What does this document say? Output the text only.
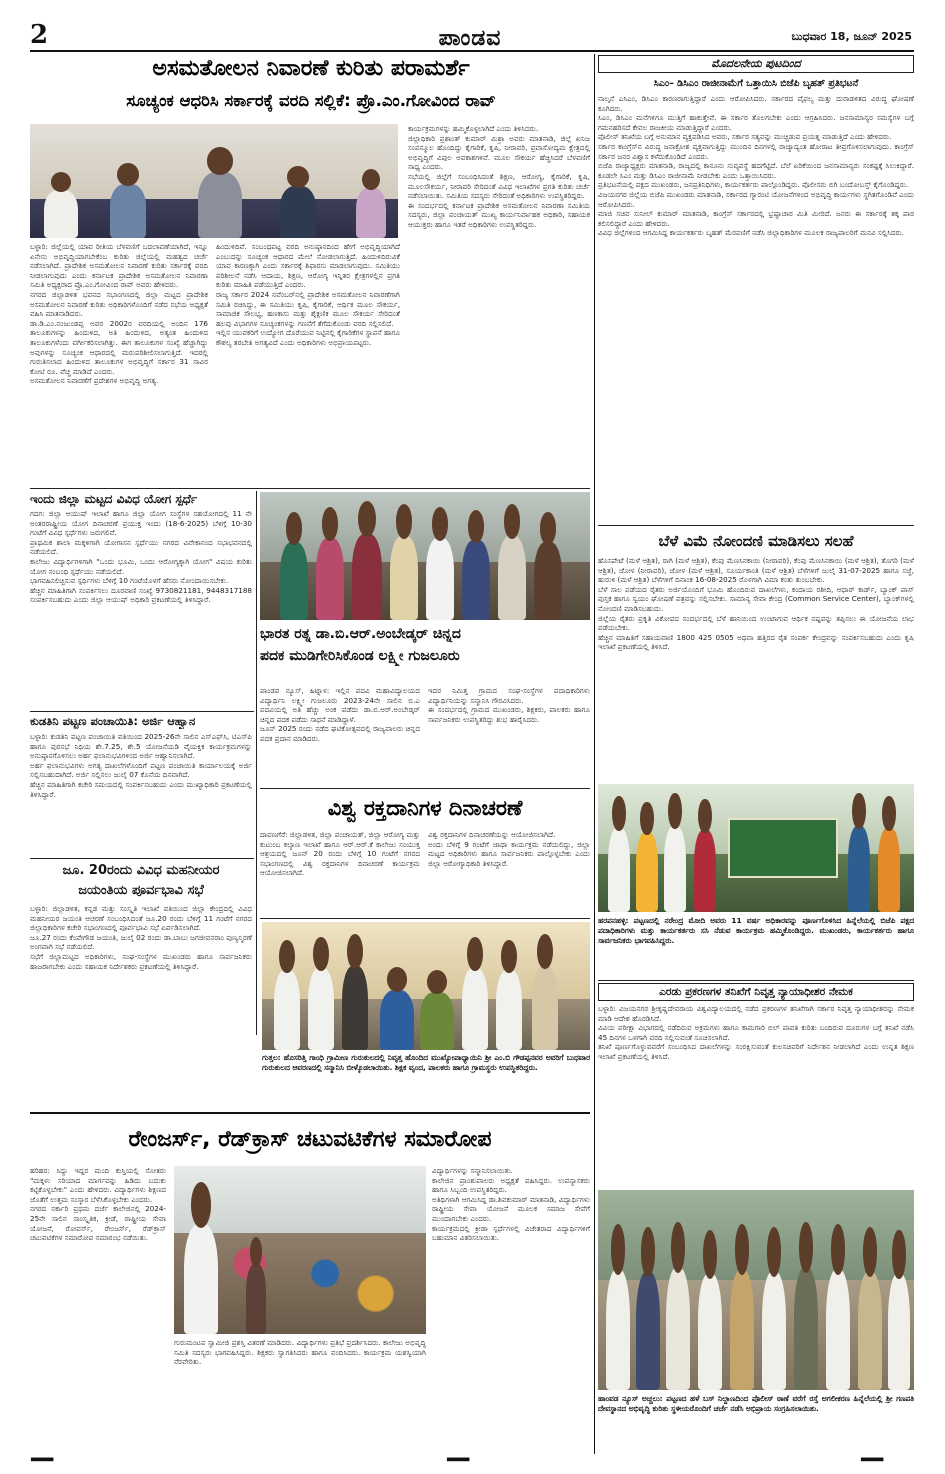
2	ಪಾಂಡವ	ಬುಧವಾರ 18, ಜೂನ್ 2025
ಅಸಮತೋಲನ ನಿವಾರಣೆ ಕುರಿತು ಪರಾಮರ್ಶೆ
ಸೂಚ್ಯಂಕ ಆಧರಿಸಿ ಸರ್ಕಾರಕ್ಕೆ ವರದಿ ಸಲ್ಲಿಕೆ: ಪ್ರೊ.ಎಂ.ಗೋವಿಂದ ರಾವ್
ಬಳ್ಳಾರಿ: ಜಿಲ್ಲೆಯಲ್ಲಿ ಯಾವ ರೀತಿಯ ಬೆಳವಣಿಗೆ ಬದಲಾವಣೆಯಾಗಿದೆ, ಇನ್ನೂ ಏನೇನು ಅಭಿವೃದ್ಧಿಯಾಗಬೇಕೆಂಬ ಕುರಿತು ಜಿಲ್ಲೆಯಲ್ಲಿ ಮಹತ್ವದ ಚರ್ಚೆ ನಡೆಸಲಾಗಿದೆ. ಪ್ರಾದೇಶಿಕ ಅಸಮತೋಲನ ನಿವಾರಣೆ ಕುರಿತು ಸರ್ಕಾರಕ್ಕೆ ವರದಿ ನೀಡಲಾಗುವುದು ಎಂದು ಕರ್ನಾಟಕ ಪ್ರಾದೇಶಿಕ ಅಸಮತೋಲನ ನಿವಾರಣಾ ಸಮಿತಿ ಅಧ್ಯಕ್ಷರಾದ ಪ್ರೊ.ಎಂ.ಗೋವಿಂದ ರಾವ್ ಅವರು ಹೇಳಿದರು.
ನಗರದ ಜಿಲ್ಲಾಡಳಿತ ಭವನದ ಸಭಾಂಗಣದಲ್ಲಿ ಜಿಲ್ಲಾ ಮಟ್ಟದ ಪ್ರಾದೇಶಿಕ ಅಸಮತೋಲನ ನಿವಾರಣೆ ಕುರಿತು ಅಧಿಕಾರಿಗಳೊಂದಿಗೆ ನಡೆದ ಸಭೆಯ ಅಧ್ಯಕ್ಷತೆ ವಹಿಸಿ ಮಾತನಾಡಿದರು.
ಡಾ.ಡಿ.ಎಂ.ನಂಜುಂಡಪ್ಪ ಅವರ 2002ರ ವರದಿಯಲ್ಲಿ ಅಂದಿನ 176 ತಾಲೂಕುಗಳನ್ನು ಹಿಂದುಳಿದ, ಅತಿ ಹಿಂದುಳಿದ, ಅತ್ಯಂತ ಹಿಂದುಳಿದ ತಾಲೂಕುಗಳೆಂದು ವರ್ಗೀಕರಿಸಲಾಗಿತ್ತು. ಈಗ ತಾಲೂಕುಗಳ ಸಂಖ್ಯೆ ಹೆಚ್ಚಾಗಿದ್ದು ಅವುಗಳನ್ನು ಸೂಚ್ಯಂಕ ಆಧಾರದಲ್ಲಿ ಮರುಪರಿಶೀಲಿಸಲಾಗುತ್ತಿದೆ. ಇದರಲ್ಲಿ ಗುರುತಿಸಲಾದ ಹಿಂದುಳಿದ ತಾಲೂಕುಗಳ ಅಭಿವೃದ್ಧಿಗೆ ಸರ್ಕಾರ 31 ಸಾವಿರ ಕೋಟಿ ರೂ. ವೆಚ್ಚ ಮಾಡಿದೆ ಎಂದರು.
ಅಸಮತೋಲನ ನಿವಾರಣೆಗೆ ಪ್ರದೇಶಗಳ ಅಭಿವೃದ್ಧಿ ಅಗತ್ಯ.
ಹಿಂದುಳಿದಿವೆ. ಸಂಬಂಧಪಟ್ಟ ವರದಿ ಅನುಷ್ಠಾನದಿಂದ ಹೇಗೆ ಅಭಿವೃದ್ಧಿಯಾಗಿದೆ ಎಂಬುದನ್ನು ಸೂಚ್ಯಂಕ ಆಧಾರದ ಮೇಲೆ ನೋಡಲಾಗುತ್ತಿದೆ. ಹಿಂದುಳಿದಿರುವಿಕೆ ಯಾವ ಕಾರಣಕ್ಕಾಗಿ ಎಂದು ಸರ್ಕಾರಕ್ಕೆ ಶಿಫಾರಸು ಮಾಡಲಾಗುವುದು. ಸಮಿತಿಯು ಪರಿಶೀಲನೆ ನಡೆಸಿ ಆದಾಯ, ಶಿಕ್ಷಣ, ಆರೋಗ್ಯ ಇನ್ನಿತರ ಕ್ಷೇತ್ರಗಳಲ್ಲಿನ ಪ್ರಗತಿ ಕುರಿತು ಮಾಹಿತಿ ಪಡೆಯುತ್ತಿದೆ ಎಂದರು.
ರಾಜ್ಯ ಸರ್ಕಾರ 2024 ನವೆಂಬರ್‌ನಲ್ಲಿ ಪ್ರಾದೇಶಿಕ ಅಸಮತೋಲನ ನಿವಾರಣೆಗಾಗಿ ಸಮಿತಿ ರಚಿಸಿದ್ದು, ಈ ಸಮಿತಿಯು ಕೃಷಿ, ಕೈಗಾರಿಕೆ, ಆರ್ಥಿಕ ಮೂಲ ಸೌಕರ್ಯ, ಸಾಮಾಜಿಕ ಸೌಲಭ್ಯ, ಹಣಕಾಸು ಮತ್ತು ಶೈಕ್ಷಣಿಕ ಮೂಲ ಸೌಕರ್ಯ ಸೇರಿದಂತೆ ಹಲವು ವಿಭಾಗಗಳ ಸೂಚ್ಯಂಕಗಳನ್ನು ಗಣನೆಗೆ ತೆಗೆದುಕೊಂಡು ವರದಿ ಸಲ್ಲಿಸಲಿದೆ.
ಇಲ್ಲಿನ ಯುವಕರಿಗೆ ಉದ್ಯೋಗ ದೊರೆಯುವ ನಿಟ್ಟಿನಲ್ಲಿ ಕೈಗಾರಿಕೆಗಳ ಸ್ಥಾಪನೆ ಹಾಗೂ ಕೌಶಲ್ಯ ತರಬೇತಿ ಅಗತ್ಯವಿದೆ ಎಂದು ಅಧಿಕಾರಿಗಳು ಅಭಿಪ್ರಾಯಪಟ್ಟರು.
ಕಾರ್ಯಕ್ರಮಗಳನ್ನು ಹಮ್ಮಿಕೊಳ್ಳಲಾಗಿದೆ ಎಂದು ತಿಳಿಸಿದರು.
ಜಿಲ್ಲಾಧಿಕಾರಿ ಪ್ರಶಾಂತ್ ಕುಮಾರ್ ಮಿಶ್ರಾ ಅವರು ಮಾತನಾಡಿ, ಜಿಲ್ಲೆ ಖನಿಜ ಸಂಪನ್ಮೂಲ ಹೊಂದಿದ್ದು ಕೈಗಾರಿಕೆ, ಕೃಷಿ, ನೀರಾವರಿ, ಪ್ರವಾಸೋದ್ಯಮ ಕ್ಷೇತ್ರದಲ್ಲಿ ಅಭಿವೃದ್ಧಿಗೆ ವಿಪುಲ ಅವಕಾಶಗಳಿವೆ. ಮೂಲ ಸೌಕರ್ಯ ಹೆಚ್ಚಿಸಿದರೆ ಬೆಳವಣಿಗೆ ಸಾಧ್ಯ ಎಂದರು.
ಸಭೆಯಲ್ಲಿ ಜಿಲ್ಲೆಗೆ ಸಂಬಂಧಿಸಿದಂತೆ ಶಿಕ್ಷಣ, ಆರೋಗ್ಯ, ಕೈಗಾರಿಕೆ, ಕೃಷಿ, ಮೂಲಸೌಕರ್ಯ, ನೀರಾವರಿ ಸೇರಿದಂತೆ ವಿವಿಧ ಇಲಾಖೆಗಳ ಪ್ರಗತಿ ಕುರಿತು ಚರ್ಚೆ ನಡೆಸಲಾಯಿತು. ಸಮಿತಿಯ ಸದಸ್ಯರು ಸೇರಿದಂತೆ ಅಧಿಕಾರಿಗಳು ಉಪಸ್ಥಿತರಿದ್ದರು.
ಈ ಸಂದರ್ಭದಲ್ಲಿ ಕರ್ನಾಟಕ ಪ್ರಾದೇಶಿಕ ಅಸಮತೋಲನ ನಿವಾರಣಾ ಸಮಿತಿಯ ಸದಸ್ಯರು, ಜಿಲ್ಲಾ ಪಂಚಾಯತ್ ಮುಖ್ಯ ಕಾರ್ಯನಿರ್ವಾಹಕ ಅಧಿಕಾರಿ, ಸಹಾಯಕ ಆಯುಕ್ತರು ಹಾಗೂ ಇತರೆ ಅಧಿಕಾರಿಗಳು ಉಪಸ್ಥಿತರಿದ್ದರು.
ಇಂದು ಜಿಲ್ಲಾ ಮಟ್ಟದ ವಿವಿಧ ಯೋಗ ಸ್ಪರ್ಧೆ
ಗದಗ: ಜಿಲ್ಲಾ ಆಯುಷ್ ಇಲಾಖೆ ಹಾಗೂ ಜಿಲ್ಲಾ ಯೋಗ ಸಂಸ್ಥೆಗಳ ಸಹಯೋಗದಲ್ಲಿ 11 ನೇ ಅಂತರರಾಷ್ಟ್ರೀಯ ಯೋಗ ದಿನಾಚರಣೆ ಪ್ರಯುಕ್ತ ಇಂದು (18-6-2025) ಬೆಳಿಗ್ಗೆ 10-30 ಗಂಟೆಗೆ ವಿವಿಧ ಸ್ಪರ್ಧೆಗಳು ಜರುಗಲಿವೆ.
ಪ್ರಾಥಮಿಕ ಶಾಲಾ ಮಕ್ಕಳಿಗಾಗಿ ಯೋಗಾಸನ ಸ್ಪರ್ಧೆಯು ನಗರದ ವಿವೇಕಾನಂದ ಸಭಾಭವನದಲ್ಲಿ ನಡೆಯಲಿದೆ.
ಕಾಲೇಜು ವಿದ್ಯಾರ್ಥಿಗಳಿಗಾಗಿ "ಒಂದು ಭೂಮಿ, ಒಂದು ಆರೋಗ್ಯಕ್ಕಾಗಿ ಯೋಗ" ವಿಷಯ ಕುರಿತು ಯೋಗ ಸಂಬಂಧಿ ಸ್ಪರ್ಧೆಯು ನಡೆಯಲಿದೆ.
ಭಾಗವಹಿಸಲಿಚ್ಛಿಸುವ ಸ್ಪರ್ಧಿಗಳು ಬೆಳಿಗ್ಗೆ 10 ಗಂಟೆಯೊಳಗೆ ಹೆಸರು ನೋಂದಾಯಿಸಬೇಕು.
ಹೆಚ್ಚಿನ ಮಾಹಿತಿಗಾಗಿ ಸಂಪರ್ಕಿಸಲು ದೂರವಾಣಿ ಸಂಖ್ಯೆ 9730821181, 9448317188 ಸಂಪರ್ಕಿಸಬಹುದು ಎಂದು ಜಿಲ್ಲಾ ಆಯುಷ್ ಅಧಿಕಾರಿ ಪ್ರಕಟಣೆಯಲ್ಲಿ ತಿಳಿಸಿದ್ದಾರೆ.
ಕುಡತಿನಿ ಪಟ್ಟಣ ಪಂಚಾಯಿತಿ: ಅರ್ಜಿ ಆಹ್ವಾನ
ಬಳ್ಳಾರಿ: ಕುಡತಿನಿ ಪಟ್ಟಣ ಪಂಚಾಯಿತಿ ವತಿಯಿಂದ 2025-26ನೇ ಸಾಲಿನ ಎಸ್‌ಎಫ್‌ಸಿ, ಟಿಎಸ್‌ಪಿ ಹಾಗೂ ಪುರಸಭೆ ನಿಧಿಯ ಶೇ.7.25, ಶೇ.5 ಯೋಜನೆಯಡಿ ವೈಯಕ್ತಿಕ ಕಾರ್ಯಕ್ರಮಗಳನ್ನು ಅನುಷ್ಠಾನಗೊಳಿಸಲು ಅರ್ಹ ಫಲಾನುಭವಿಗಳಿಂದ ಅರ್ಜಿ ಆಹ್ವಾನಿಸಲಾಗಿದೆ.
ಅರ್ಹ ಫಲಾನುಭವಿಗಳು ಅಗತ್ಯ ದಾಖಲೆಗಳೊಂದಿಗೆ ಪಟ್ಟಣ ಪಂಚಾಯಿತಿ ಕಾರ್ಯಾಲಯಕ್ಕೆ ಅರ್ಜಿ ಸಲ್ಲಿಸಬಹುದಾಗಿದೆ. ಅರ್ಜಿ ಸಲ್ಲಿಸಲು ಜುಲೈ 07 ಕೊನೆಯ ದಿನವಾಗಿದೆ.
ಹೆಚ್ಚಿನ ಮಾಹಿತಿಗಾಗಿ ಕಚೇರಿ ಸಮಯದಲ್ಲಿ ಸಂಪರ್ಕಿಸಬಹುದು ಎಂದು ಮುಖ್ಯಾಧಿಕಾರಿ ಪ್ರಕಟಣೆಯಲ್ಲಿ ತಿಳಿಸಿದ್ದಾರೆ.
ಜೂ. 20ರಂದು ವಿವಿಧ ಮಹನೀಯರ
ಜಯಂತಿಯ ಪೂರ್ವಭಾವಿ ಸಭೆ
ಬಳ್ಳಾರಿ: ಜಿಲ್ಲಾಡಳಿತ, ಕನ್ನಡ ಮತ್ತು ಸಂಸ್ಕೃತಿ ಇಲಾಖೆ ವತಿಯಿಂದ ಜಿಲ್ಲಾ ಕೇಂದ್ರದಲ್ಲಿ ವಿವಿಧ ಮಹನೀಯರ ಜಯಂತಿ ಆಚರಣೆ ಸಂಬಂಧಿಸಿದಂತೆ ಜೂ.20 ರಂದು ಬೆಳಿಗ್ಗೆ 11 ಗಂಟೆಗೆ ನಗರದ ಜಿಲ್ಲಾಧಿಕಾರಿಗಳ ಕಚೇರಿ ಸಭಾಂಗಣದಲ್ಲಿ ಪೂರ್ವಭಾವಿ ಸಭೆ ಏರ್ಪಡಿಸಲಾಗಿದೆ.
ಜೂ.27 ರಂದು ಕೆಂಪೇಗೌಡ ಜಯಂತಿ, ಜುಲೈ 02 ರಂದು ಡಾ.ಬಾಬು ಜಗಜೀವನರಾಂ ಪುಣ್ಯಸ್ಮರಣೆ ಅಂಗವಾಗಿ ಸಭೆ ನಡೆಯಲಿದೆ.
ಸಭೆಗೆ ಜಿಲ್ಲಾಮಟ್ಟದ ಅಧಿಕಾರಿಗಳು, ಸಂಘ-ಸಂಸ್ಥೆಗಳ ಮುಖಂಡರು ಹಾಗೂ ಸಾರ್ವಜನಿಕರು ಹಾಜರಾಗಬೇಕು ಎಂದು ಸಹಾಯಕ ನಿರ್ದೇಶಕರು ಪ್ರಕಟಣೆಯಲ್ಲಿ ತಿಳಿಸಿದ್ದಾರೆ.
ಭಾರತ ರತ್ನ ಡಾ.ಬಿ.ಆರ್.ಅಂಬೇಡ್ಕರ್ ಚಿನ್ನದ
ಪದಕ ಮುಡಿಗೇರಿಸಿಕೊಂಡ ಲಕ್ಷ್ಮೀ ಗುಜಲೂರು
ಪಾಂಡವ ನ್ಯೂಸ್, ಹಿಟ್ನಾಳ: ಇಲ್ಲಿನ ಪದವಿ ಮಹಾವಿದ್ಯಾಲಯದ ವಿದ್ಯಾರ್ಥಿನಿ ಲಕ್ಷ್ಮೀ ಗುಜಲೂರು 2023-24ನೇ ಸಾಲಿನ ಬಿ.ಎ ಪದವಿಯಲ್ಲಿ ಅತಿ ಹೆಚ್ಚು ಅಂಕ ಪಡೆದು ಡಾ.ಬಿ.ಆರ್.ಅಂಬೇಡ್ಕರ್ ಚಿನ್ನದ ಪದಕ ಪಡೆದು ಸಾಧನೆ ಮಾಡಿದ್ದಾಳೆ.
ಜೂನ್ 2025 ರಂದು ನಡೆದ ಘಟಿಕೋತ್ಸವದಲ್ಲಿ ರಾಜ್ಯಪಾಲರು ಚಿನ್ನದ ಪದಕ ಪ್ರದಾನ ಮಾಡಿದರು.
ಇದರ ನಿಮಿತ್ತ ಗ್ರಾಮದ ಸಂಘ-ಸಂಸ್ಥೆಗಳ ಪದಾಧಿಕಾರಿಗಳು ವಿದ್ಯಾರ್ಥಿನಿಯನ್ನು ಸನ್ಮಾನಿಸಿ ಗೌರವಿಸಿದರು.
ಈ ಸಂದರ್ಭದಲ್ಲಿ ಗ್ರಾಮದ ಮುಖಂಡರು, ಶಿಕ್ಷಕರು, ಪಾಲಕರು ಹಾಗೂ ಸಾರ್ವಜನಿಕರು ಉಪಸ್ಥಿತರಿದ್ದು ಶುಭ ಹಾರೈಸಿದರು.
ವಿಶ್ವ ರಕ್ತದಾನಿಗಳ ದಿನಾಚರಣೆ
ದಾವಣಗೆರೆ: ಜಿಲ್ಲಾಡಳಿತ, ಜಿಲ್ಲಾ ಪಂಚಾಯತ್, ಜಿಲ್ಲಾ ಆರೋಗ್ಯ ಮತ್ತು ಕುಟುಂಬ ಕಲ್ಯಾಣ ಇಲಾಖೆ ಹಾಗೂ ಆರ್.ಆರ್.ಕೆ ಕಾಲೇಜು ಸಂಯುಕ್ತ ಆಶ್ರಯದಲ್ಲಿ ಜೂನ್ 20 ರಂದು ಬೆಳಿಗ್ಗೆ 10 ಗಂಟೆಗೆ ನಗರದ ಸಭಾಂಗಣದಲ್ಲಿ ವಿಶ್ವ ರಕ್ತದಾನಿಗಳ ದಿನಾಚರಣೆ ಕಾರ್ಯಕ್ರಮ ಆಯೋಜಿಸಲಾಗಿದೆ.
ವಿಶ್ವ ರಕ್ತದಾನಿಗಳ ದಿನಾಚರಣೆಯನ್ನು ಆಯೋಜಿಸಲಾಗಿದೆ.
ಅಂದು ಬೆಳಿಗ್ಗೆ 9 ಗಂಟೆಗೆ ಜಾಥಾ ಕಾರ್ಯಕ್ರಮ ನಡೆಯಲಿದ್ದು, ಜಿಲ್ಲಾ ಮಟ್ಟದ ಅಧಿಕಾರಿಗಳು ಹಾಗೂ ಸಾರ್ವಜನಿಕರು ಪಾಲ್ಗೊಳ್ಳಬೇಕು ಎಂದು ಜಿಲ್ಲಾ ಆರೋಗ್ಯಾಧಿಕಾರಿ ತಿಳಿಸಿದ್ದಾರೆ.
ಗುತ್ತಲ: ಹೊಸರಿತ್ತಿ ಗಾಂಧಿ ಗ್ರಾಮೀಣ ಗುರುಕುಲದಲ್ಲಿ ನಿವೃತ್ತ ಹೊಂದಿದ ಮುಖ್ಯೋಪಾಧ್ಯಾಯಿನಿ ಶ್ರೀ ಎಂ.ಬಿ ಗೌಡಪ್ಪನವರ ಅವರಿಗೆ ಬುಧವಾರ ಗುರುಕುಲದ ಆವರಣದಲ್ಲಿ ಸನ್ಮಾನಿಸಿ ಬೀಳ್ಕೊಡಲಾಯಿತು. ಶಿಕ್ಷಕ ವೃಂದ, ಪಾಲಕರು ಹಾಗೂ ಗ್ರಾಮಸ್ಥರು ಉಪಸ್ಥಿತರಿದ್ದರು.
ರೇಂಜರ್ಸ್, ರೆಡ್‌ಕ್ರಾಸ್ ಚಟುವಟಿಕೆಗಳ ಸಮಾರೋಪ
ಹರಿಹರ: ಸಿದ್ದು ಇದ್ದರ ಮಂದಿ ಕುಸ್ತಿಯಲ್ಲಿ ಸೋತರು "ಮಕ್ಕಳು ಸರಿಯಾದ ಮಾರ್ಗವನ್ನು ಹಿಡಿದು ಬದುಕು ಕಟ್ಟಿಕೊಳ್ಳಬೇಕು" ಎಂದು ಹೇಳಿದರು. ವಿದ್ಯಾರ್ಥಿಗಳು ಶಿಕ್ಷಣದ ಜೊತೆಗೆ ಉತ್ತಮ ಸಂಸ್ಕಾರ ಬೆಳೆಸಿಕೊಳ್ಳಬೇಕು ಎಂದರು.
ನಗರದ ಸರ್ಕಾರಿ ಪ್ರಥಮ ದರ್ಜೆ ಕಾಲೇಜಿನಲ್ಲಿ 2024-25ನೇ ಸಾಲಿನ ಸಾಂಸ್ಕೃತಿಕ, ಕ್ರೀಡೆ, ರಾಷ್ಟ್ರೀಯ ಸೇವಾ ಯೋಜನೆ, ರೋವರ್ಸ್, ರೇಂಜರ್ಸ್, ರೆಡ್‌ಕ್ರಾಸ್ ಚಟುವಟಿಕೆಗಳ ಸಮಾರೋಪ ಸಮಾರಂಭ ನಡೆಯಿತು.
ಗುರುಮಂಟಪ ಸ್ವಾಮೀಜಿ ಪ್ರಶಸ್ತಿ ವಿತರಣೆ ಮಾಡಿದರು. ವಿದ್ಯಾರ್ಥಿಗಳು ಪ್ರತಿಭೆ ಪ್ರದರ್ಶಿಸಿದರು. ಕಾಲೇಜು ಅಭಿವೃದ್ಧಿ ಸಮಿತಿ ಸದಸ್ಯರು ಭಾಗವಹಿಸಿದ್ದರು. ಶಿಕ್ಷಕರು ಸ್ವಾಗತಿಸಿದರು ಹಾಗೂ ವಂದಿಸಿದರು. ಕಾರ್ಯಕ್ರಮ ಯಶಸ್ವಿಯಾಗಿ ನೆರವೇರಿತು.
ವಿದ್ಯಾರ್ಥಿಗಳನ್ನು ಸನ್ಮಾನಿಸಲಾಯಿತು.
ಕಾಲೇಜಿನ ಪ್ರಾಂಶುಪಾಲರು ಅಧ್ಯಕ್ಷತೆ ವಹಿಸಿದ್ದರು. ಉಪನ್ಯಾಸಕರು ಹಾಗೂ ಸಿಬ್ಬಂದಿ ಉಪಸ್ಥಿತರಿದ್ದರು.
ಅತಿಥಿಗಳಾಗಿ ಆಗಮಿಸಿದ್ದ ಡಾ.ಶಿವಕುಮಾರ್ ಮಾತನಾಡಿ, ವಿದ್ಯಾರ್ಥಿಗಳು ರಾಷ್ಟ್ರೀಯ ಸೇವಾ ಯೋಜನೆ ಮೂಲಕ ಸಮಾಜ ಸೇವೆಗೆ ಮುಂದಾಗಬೇಕು ಎಂದರು.
ಕಾರ್ಯಕ್ರಮದಲ್ಲಿ ಕ್ರೀಡಾ ಸ್ಪರ್ಧೆಗಳಲ್ಲಿ ವಿಜೇತರಾದ ವಿದ್ಯಾರ್ಥಿಗಳಿಗೆ ಬಹುಮಾನ ವಿತರಿಸಲಾಯಿತು.
ಮೊದಲನೇಯ ಪುಟದಿಂದ
ಸಿಎಂ– ಡಿಸಿಎಂ ರಾಜೀನಾಮೆಗೆ ಒತ್ತಾಯಿಸಿ ಬಿಜೆಪಿ ಬೃಹತ್ ಪ್ರತಿಭಟನೆ
ನಾಲ್ಕನೆ ಎಸಿಎಂ, ಡಿಸಿಎಂ ಕಾರಣರಾಗುತ್ತಿದ್ದಾರೆ ಎಂದು ಆರೋಪಿಸಿದರು. ಸರ್ಕಾರದ ವೈಫಲ್ಯ ಮತ್ತು ದುರಾಡಳಿತದ ವಿರುದ್ಧ ಘೋಷಣೆ ಕೂಗಿದರು.
ಸಿಎಂ, ಡಿಸಿಎಂ ಮನೆಗಳಿಗೂ ಮುತ್ತಿಗೆ ಹಾಕುತ್ತೇವೆ. ಈ ಸರ್ಕಾರ ತೊಲಗಬೇಕು ಎಂದು ಆಗ್ರಹಿಸಿದರು. ಜನಸಾಮಾನ್ಯರ ಸಮಸ್ಯೆಗಳ ಬಗ್ಗೆ ಗಮನಹರಿಸದೆ ಕೇವಲ ರಾಜಕೀಯ ಮಾಡುತ್ತಿದ್ದಾರೆ ಎಂದರು.
ಪೊಲೀಸ್ ತನಿಖೆಯ ಬಗ್ಗೆ ಅನುಮಾನ ವ್ಯಕ್ತಪಡಿಸಿದ ಅವರು, ಸರ್ಕಾರ ಸತ್ಯವನ್ನು ಮುಚ್ಚಿಡುವ ಪ್ರಯತ್ನ ಮಾಡುತ್ತಿದೆ ಎಂದು ಹೇಳಿದರು.
ಸರ್ಕಾರ ಕಾಂಗ್ರೆಸ್‌ನ ವಿರುದ್ಧ ಜನಾಕ್ರೋಶ ವ್ಯಕ್ತವಾಗುತ್ತಿದ್ದು ಮುಂದಿನ ದಿನಗಳಲ್ಲಿ ರಾಜ್ಯಾದ್ಯಂತ ಹೋರಾಟ ತೀವ್ರಗೊಳಿಸಲಾಗುವುದು. ಕಾಂಗ್ರೆಸ್ ಸರ್ಕಾರ ಜನರ ವಿಶ್ವಾಸ ಕಳೆದುಕೊಂಡಿದೆ ಎಂದರು.
ಬಿಜೆಪಿ ರಾಜ್ಯಾಧ್ಯಕ್ಷರು ಮಾತನಾಡಿ, ರಾಜ್ಯದಲ್ಲಿ ಕಾನೂನು ಸುವ್ಯವಸ್ಥೆ ಹದಗೆಟ್ಟಿದೆ. ಬೆಲೆ ಏರಿಕೆಯಿಂದ ಜನಸಾಮಾನ್ಯರು ಸಂಕಷ್ಟಕ್ಕೆ ಸಿಲುಕಿದ್ದಾರೆ. ಕೂಡಲೇ ಸಿಎಂ ಮತ್ತು ಡಿಸಿಎಂ ರಾಜೀನಾಮೆ ನೀಡಬೇಕು ಎಂದು ಒತ್ತಾಯಿಸಿದರು.
ಪ್ರತಿಭಟನೆಯಲ್ಲಿ ಪಕ್ಷದ ಮುಖಂಡರು, ಜನಪ್ರತಿನಿಧಿಗಳು, ಕಾರ್ಯಕರ್ತರು ಪಾಲ್ಗೊಂಡಿದ್ದರು. ಪೊಲೀಸರು ಬಿಗಿ ಬಂದೋಬಸ್ತ್ ಕೈಗೊಂಡಿದ್ದರು.
ವಿಜಯನಗರ ಜಿಲ್ಲೆಯ ಬಿಜೆಪಿ ಮುಖಂಡರು ಮಾತನಾಡಿ, ಸರ್ಕಾರದ ಗ್ಯಾರಂಟಿ ಯೋಜನೆಗಳಿಂದ ಅಭಿವೃದ್ಧಿ ಕಾರ್ಯಗಳು ಸ್ಥಗಿತಗೊಂಡಿವೆ ಎಂದು ಆರೋಪಿಸಿದರು.
ಮಾಜಿ ಸಚಿವ ಸುನೀಲ್ ಕುಮಾರ್ ಮಾತನಾಡಿ, ಕಾಂಗ್ರೆಸ್ ಸರ್ಕಾರದಲ್ಲಿ ಭ್ರಷ್ಟಾಚಾರ ಮಿತಿ ಮೀರಿದೆ. ಜನರು ಈ ಸರ್ಕಾರಕ್ಕೆ ತಕ್ಕ ಪಾಠ ಕಲಿಸಲಿದ್ದಾರೆ ಎಂದು ಹೇಳಿದರು.
ವಿವಿಧ ಜಿಲ್ಲೆಗಳಿಂದ ಆಗಮಿಸಿದ್ದ ಕಾರ್ಯಕರ್ತರು ಬೃಹತ್ ಮೆರವಣಿಗೆ ನಡೆಸಿ ಜಿಲ್ಲಾಧಿಕಾರಿಗಳ ಮೂಲಕ ರಾಜ್ಯಪಾಲರಿಗೆ ಮನವಿ ಸಲ್ಲಿಸಿದರು.
ಬೆಳೆ ವಿಮೆ ನೋಂದಣಿ ಮಾಡಿಸಲು ಸಲಹೆ
ಹೊಸಪೇಟೆ (ಮಳೆ ಆಶ್ರಿತ), ರಾಗಿ (ಮಳೆ ಆಶ್ರಿತ), ಕೆಂಪು ಮೆಣಸಿನಕಾಯಿ (ನೀರಾವರಿ), ಕೆಂಪು ಮೆಣಸಿನಕಾಯಿ (ಮಳೆ ಆಶ್ರಿತ), ತೊಗರಿ (ಮಳೆ ಆಶ್ರಿತ), ಜೋಳ (ನೀರಾವರಿ), ಜೋಳ (ಮಳೆ ಆಶ್ರಿತ), ಸೂರ್ಯಕಾಂತಿ (ಮಳೆ ಆಶ್ರಿತ) ಬೆಳೆಗಳಿಗೆ ಜುಲೈ 31-07-2025 ಹಾಗೂ ಸಜ್ಜೆ, ಹುರುಳಿ (ಮಳೆ ಆಶ್ರಿತ) ಬೆಳೆಗಳಿಗೆ ದಿನಾಂಕ 16-08-2025 ರೊಳಗಾಗಿ ವಿಮಾ ಕಂತು ತುಂಬಬೇಕು.
ಬೆಳೆ ಸಾಲ ಪಡೆಯದ ರೈತರು ಅರ್ಜಿಯೊಂದಿಗೆ ಭೂಮಿ ಹೊಂದಿರುವ ದಾಖಲೆಗಳು, ಕಂದಾಯ ರಶೀದಿ, ಆಧಾರ್ ಕಾರ್ಡ್, ಬ್ಯಾಂಕ್ ಪಾಸ್ ಪುಸ್ತಕ ಹಾಗೂ ಸ್ವಯಂ ಘೋಷಣೆ ಪತ್ರವನ್ನು ಸಲ್ಲಿಸಬೇಕು. ಸಾಮಾನ್ಯ ಸೇವಾ ಕೇಂದ್ರ (Common Service Center), ಬ್ಯಾಂಕ್‌ಗಳಲ್ಲಿ ನೋಂದಣಿ ಮಾಡಿಸಬಹುದು.
ಜಿಲ್ಲೆಯ ರೈತರು ಪ್ರಕೃತಿ ವಿಕೋಪದ ಸಂದರ್ಭದಲ್ಲಿ ಬೆಳೆ ಹಾನಿಯಿಂದ ಉಂಟಾಗುವ ಆರ್ಥಿಕ ನಷ್ಟವನ್ನು ತಪ್ಪಿಸಲು ಈ ಯೋಜನೆಯ ಲಾಭ ಪಡೆಯಬೇಕು.
ಹೆಚ್ಚಿನ ಮಾಹಿತಿಗೆ ಸಹಾಯವಾಣಿ 1800 425 0505 ಅಥವಾ ಹತ್ತಿರದ ರೈತ ಸಂಪರ್ಕ ಕೇಂದ್ರವನ್ನು ಸಂಪರ್ಕಿಸಬಹುದು ಎಂದು ಕೃಷಿ ಇಲಾಖೆ ಪ್ರಕಟಣೆಯಲ್ಲಿ ತಿಳಿಸಿದೆ.
ಹರಪನಹಳ್ಳಿ: ಪಟ್ಟಣದಲ್ಲಿ ನರೇಂದ್ರ ಮೋದಿ ಅವರು 11 ವರ್ಷ ಅಧಿಕಾರವನ್ನು ಪೂರ್ಣಗೊಳಿಸಿದ ಹಿನ್ನೆಲೆಯಲ್ಲಿ ಬಿಜೆಪಿ ಪಕ್ಷದ ಪದಾಧಿಕಾರಿಗಳು ಮತ್ತು ಕಾರ್ಯಕರ್ತರು ಸಸಿ ನೆಡುವ ಕಾರ್ಯಕ್ರಮ ಹಮ್ಮಿಕೊಂಡಿದ್ದರು. ಮುಖಂಡರು, ಕಾರ್ಯಕರ್ತರು ಹಾಗೂ ಸಾರ್ವಜನಿಕರು ಭಾಗವಹಿಸಿದ್ದರು.
ಎರಡು ಪ್ರಕರಣಗಳ ತನಿಖೆಗೆ ನಿವೃತ್ತ ನ್ಯಾಯಾಧೀಶರ ನೇಮಕ
ಬಳ್ಳಾರಿ: ವಿಜಯನಗರ ಶ್ರೀಕೃಷ್ಣದೇವರಾಯ ವಿಶ್ವವಿದ್ಯಾಲಯದಲ್ಲಿ ನಡೆದ ಪ್ರಕರಣಗಳ ತನಿಖೆಗಾಗಿ ಸರ್ಕಾರ ನಿವೃತ್ತ ನ್ಯಾಯಾಧೀಶರನ್ನು ನೇಮಕ ಮಾಡಿ ಆದೇಶ ಹೊರಡಿಸಿದೆ.
ವಿವಿಯ ಪರೀಕ್ಷಾ ವಿಭಾಗದಲ್ಲಿ ನಡೆದಿರುವ ಅಕ್ರಮಗಳು ಹಾಗೂ ಕಾಮಗಾರಿ ಬಿಲ್ ಪಾವತಿ ಕುರಿತು ಬಂದಿರುವ ದೂರುಗಳ ಬಗ್ಗೆ ತನಿಖೆ ನಡೆಸಿ 45 ದಿನಗಳ ಒಳಗಾಗಿ ವರದಿ ಸಲ್ಲಿಸುವಂತೆ ಸೂಚಿಸಲಾಗಿದೆ.
ತನಿಖೆ ಪೂರ್ಣಗೊಳ್ಳುವವರೆಗೆ ಸಂಬಂಧಿಸಿದ ದಾಖಲೆಗಳನ್ನು ಸಂರಕ್ಷಿಸುವಂತೆ ಕುಲಸಚಿವರಿಗೆ ನಿರ್ದೇಶನ ನೀಡಲಾಗಿದೆ ಎಂದು ಉನ್ನತ ಶಿಕ್ಷಣ ಇಲಾಖೆ ಪ್ರಕಟಣೆಯಲ್ಲಿ ತಿಳಿಸಿದೆ.
ಹಾಂವಡ ನ್ಯೂಸ್ ಅಚ್ಚಲು: ಪಟ್ಟಣದ ಹಳೆ ಬಸ್ ನಿಲ್ದಾಣದಿಂದ ಪೊಲೀಸ್ ಠಾಣೆ ವರೆಗೆ ರಸ್ತೆ ಅಗಲೀಕರಣ ಹಿನ್ನೆಲೆಯಲ್ಲಿ ಶ್ರೀ ಗಣಪತಿ ದೇವಸ್ಥಾನದ ಅಭಿವೃದ್ಧಿ ಕುರಿತು ಸ್ಥಳೀಯರೊಂದಿಗೆ ಚರ್ಚೆ ನಡೆಸಿ ಅಭಿಪ್ರಾಯ ಸಂಗ್ರಹಿಸಲಾಯಿತು.
▬▬▬	▬▬▬	▬▬▬
